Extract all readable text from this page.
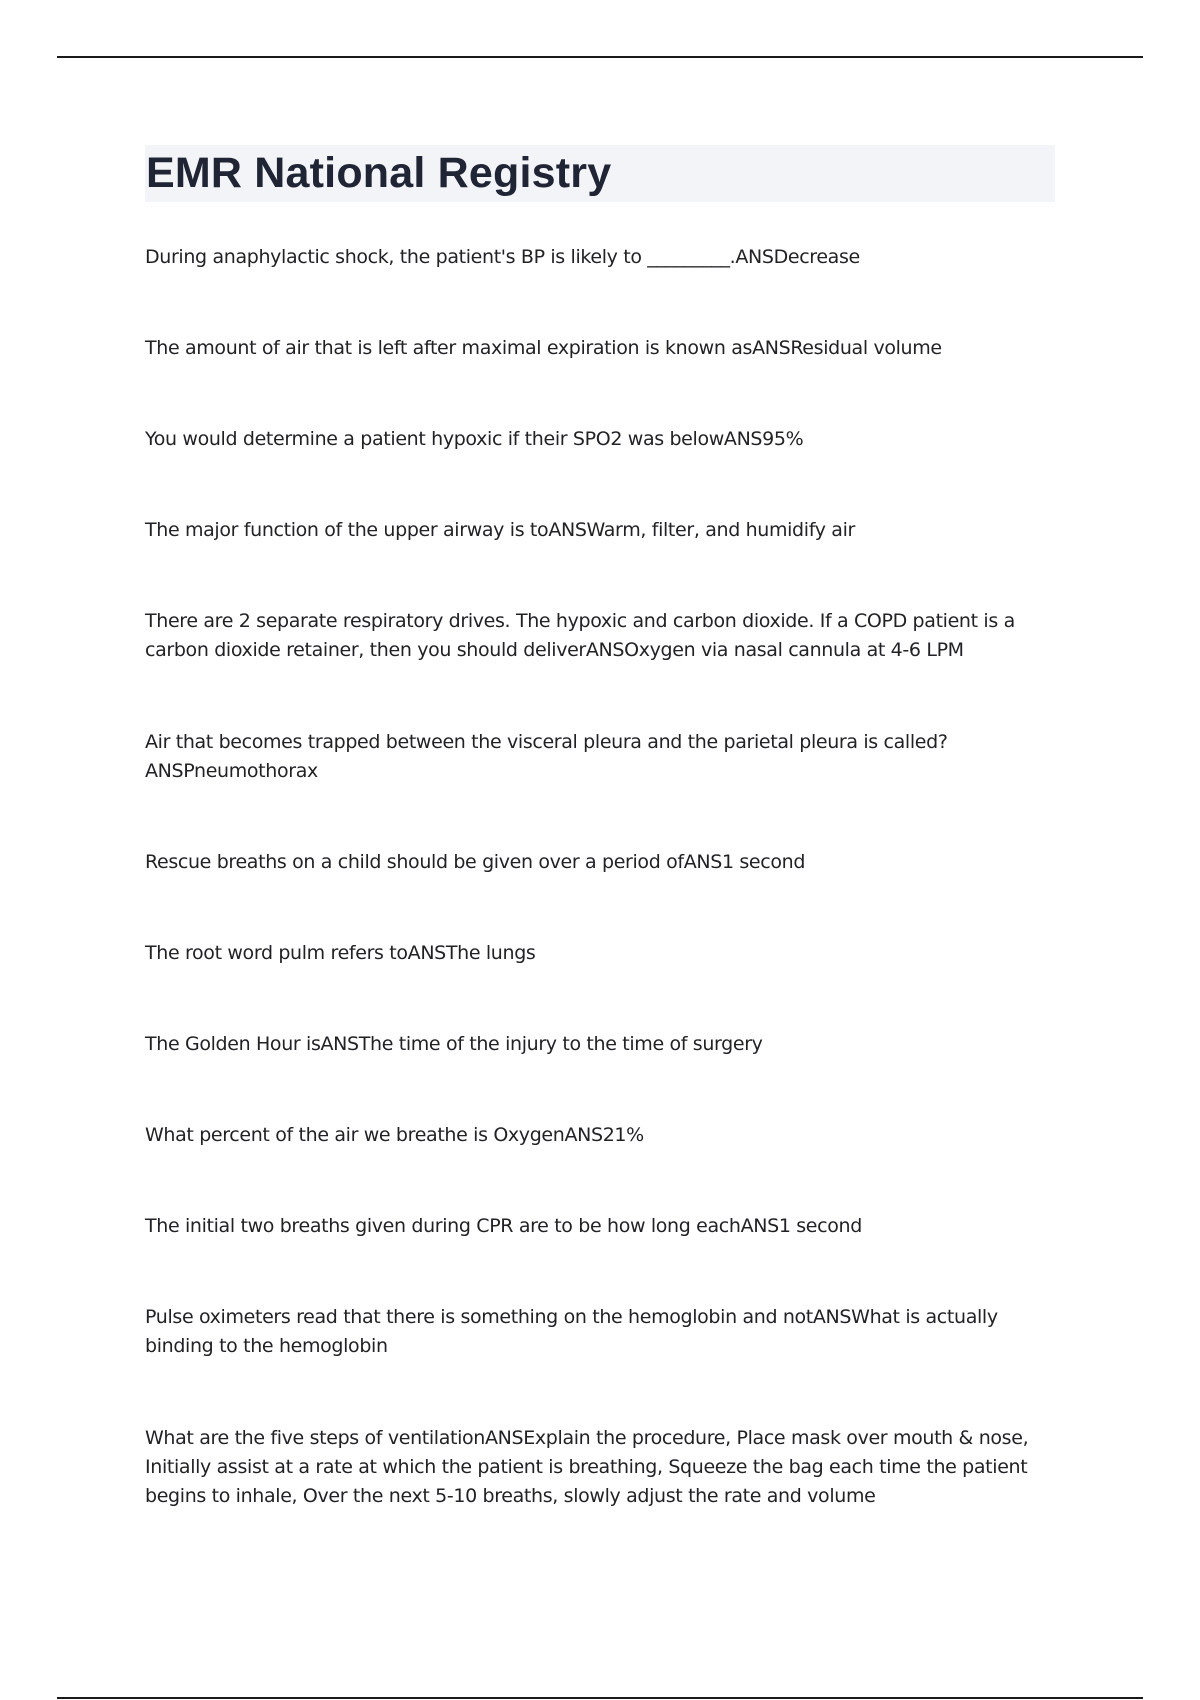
EMR National Registry

During anaphylactic shock, the patient's BP is likely to _________.ANSDecrease

The amount of air that is left after maximal expiration is known asANSResidual volume

You would determine a patient hypoxic if their SPO2 was belowANS95%

The major function of the upper airway is toANSWarm, filter, and humidify air

There are 2 separate respiratory drives. The hypoxic and carbon dioxide. If a COPD patient is a carbon dioxide retainer, then you should deliverANSOxygen via nasal cannula at 4-6 LPM

Air that becomes trapped between the visceral pleura and the parietal pleura is called?
ANSPneumothorax

Rescue breaths on a child should be given over a period ofANS1 second

The root word pulm refers toANSThe lungs

The Golden Hour isANSThe time of the injury to the time of surgery

What percent of the air we breathe is OxygenANS21%

The initial two breaths given during CPR are to be how long eachANS1 second

Pulse oximeters read that there is something on the hemoglobin and notANSWhat is actually binding to the hemoglobin

What are the five steps of ventilationANSExplain the procedure, Place mask over mouth & nose, Initially assist at a rate at which the patient is breathing, Squeeze the bag each time the patient begins to inhale, Over the next 5-10 breaths, slowly adjust the rate and volume
